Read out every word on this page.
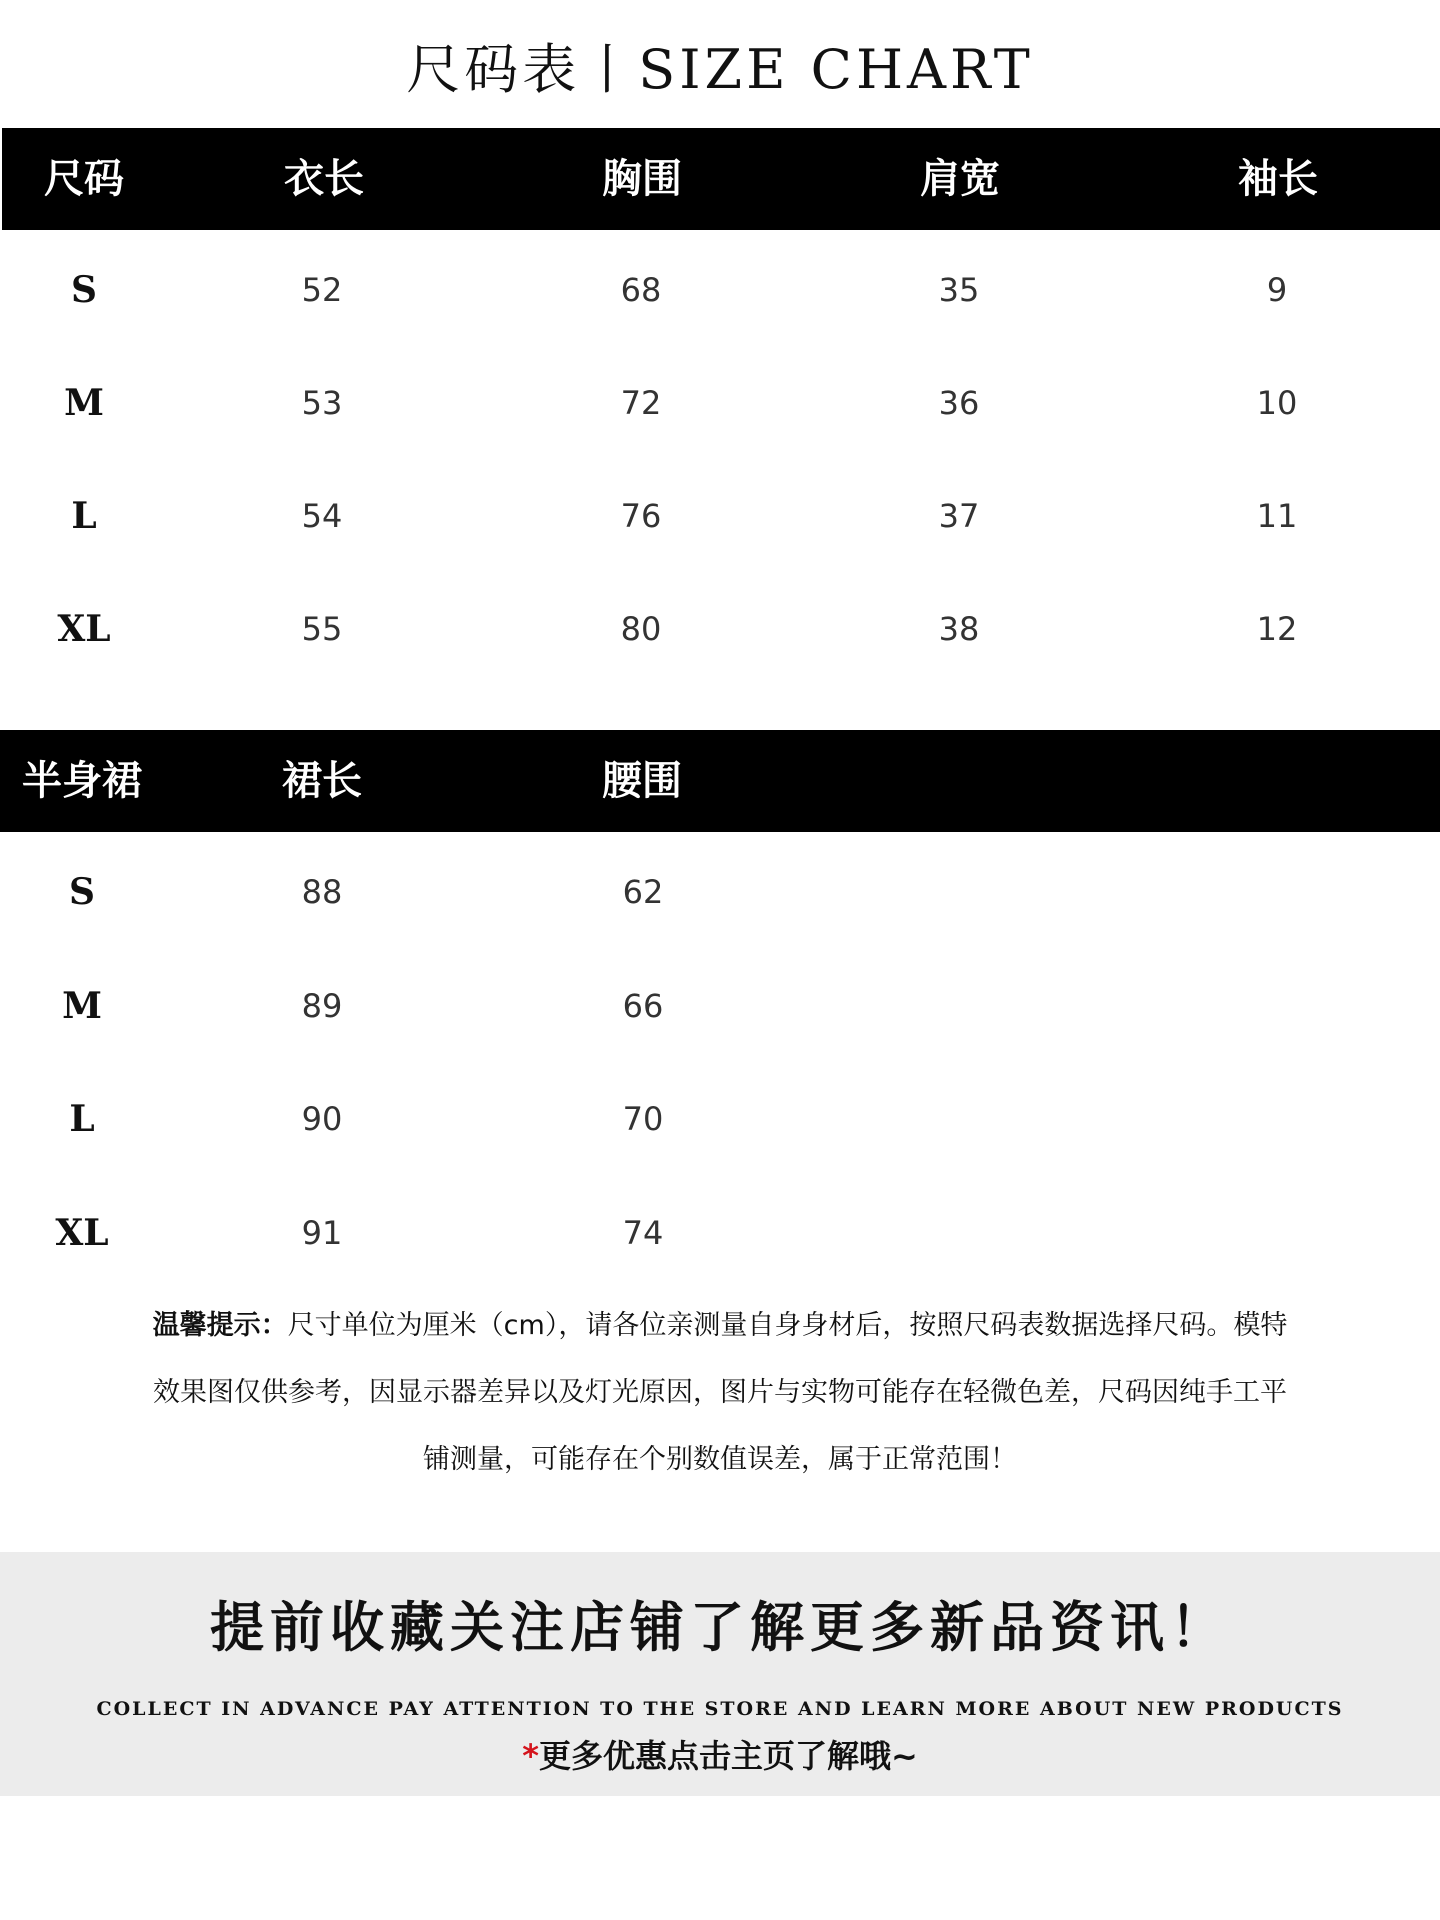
尺码表丨SIZE CHART
尺码	衣长	胸围	肩宽	袖长
S	52	68	35	9
M	53	72	36	10
L	54	76	37	11
XL	55	80	38	12
半身裙	裙长	腰围
S	88	62
M	89	66
L	90	70
XL	91	74
温馨提示：尺寸单位为厘米（cm），请各位亲测量自身身材后，按照尺码表数据选择尺码。模特效果图仅供参考，因显示器差异以及灯光原因，图片与实物可能存在轻微色差，尺码因纯手工平铺测量，可能存在个别数值误差，属于正常范围！
提前收藏关注店铺了解更多新品资讯！
COLLECT IN ADVANCE PAY ATTENTION TO THE STORE AND LEARN MORE ABOUT NEW PRODUCTS
*更多优惠点击主页了解哦~
